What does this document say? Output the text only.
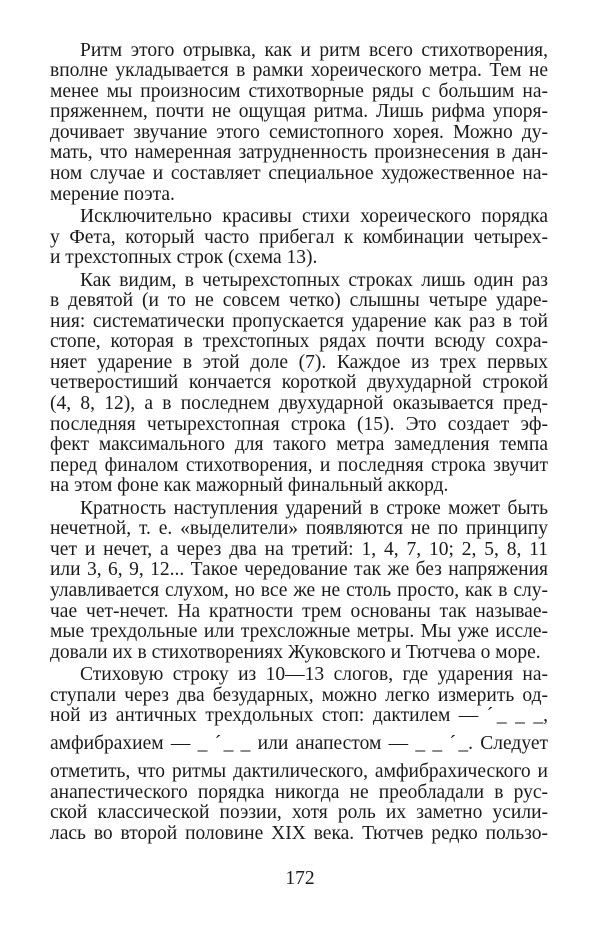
Ритм этого отрывка, как и ритм всего стихотворения,
вполне укладывается в рамки хореического метра. Тем не
менее мы произносим стихотворные ряды с большим на-
пряженнем, почти не ощущая ритма. Лишь рифма упоря-
дочивает звучание этого семистопного хорея. Можно ду-
мать, что намеренная затрудненность произнесения в дан-
ном случае и составляет специальное художественное на-
мерение поэта.
Исключительно красивы стихи хореического порядка
у Фета, который часто прибегал к комбинации четырех-
и трехстопных строк (схема 13).
Как видим, в четырехстопных строках лишь один раз
в девятой (и то не совсем четко) слышны четыре ударе-
ния: систематически пропускается ударение как раз в той
стопе, которая в трехстопных рядах почти всюду сохра-
няет ударение в этой доле (7). Каждое из трех первых
четверостиший кончается короткой двухударной строкой
(4, 8, 12), а в последнем двухударной оказывается пред-
последняя четырехстопная строка (15). Это создает эф-
фект максимального для такого метра замедления темпа
перед финалом стихотворения, и последняя строка звучит
на этом фоне как мажорный финальный аккорд.
Кратность наступления ударений в строке может быть
нечетной, т. е. «выделители» появляются не по принципу
чет и нечет, а через два на третий: 1, 4, 7, 10; 2, 5, 8, 11
или 3, 6, 9, 12... Такое чередование так же без напряжения
улавливается слухом, но все же не столь просто, как в слу-
чае чет-нечет. На кратности трем основаны так называе-
мые трехдольные или трехсложные метры. Мы уже иссле-
довали их в стихотворениях Жуковского и Тютчева о море.
Стиховую строку из 10—13 слогов, где ударения на-
ступали через два безударных, можно легко измерить од-
ной из античных трехдольных стоп: дактилем — ˊ_ _ _,
амфибрахием — _ ˊ_ _ или анапестом — _ _ ˊ_. Следует
отметить, что ритмы дактилического, амфибрахического и
анапестического порядка никогда не преобладали в рус-
ской классической поэзии, хотя роль их заметно усили-
лась во второй половине XIX века. Тютчев редко пользо-
172
